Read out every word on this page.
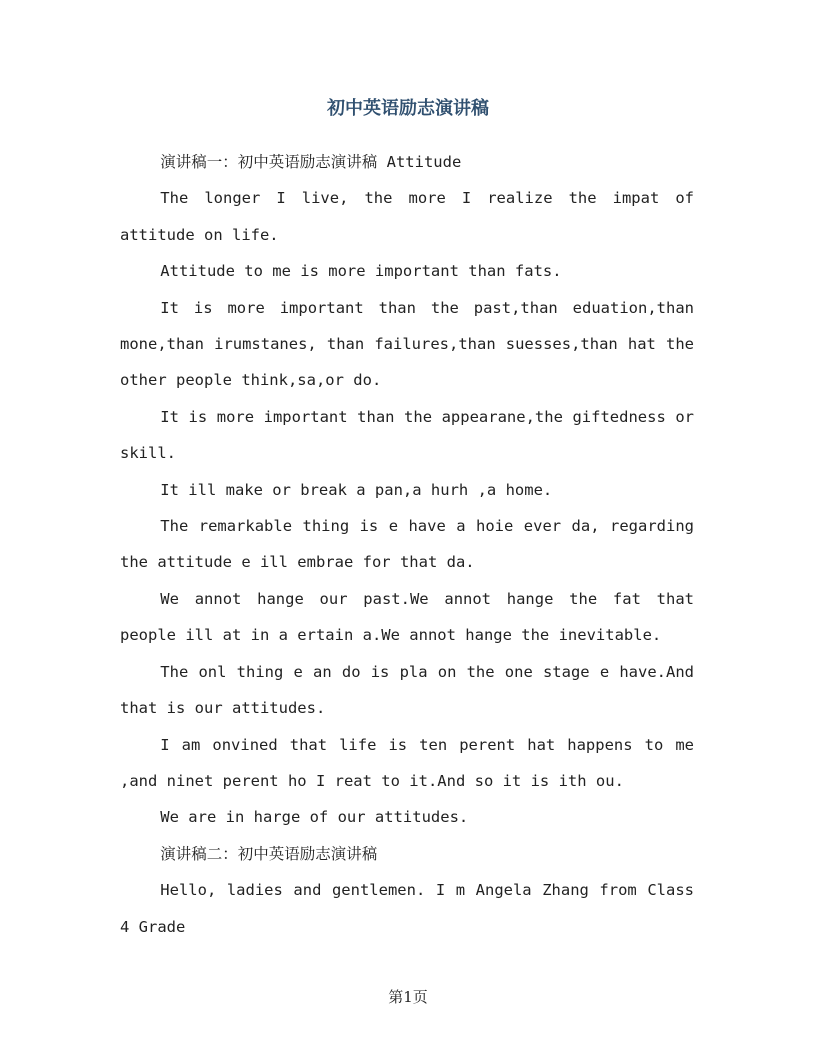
初中英语励志演讲稿

演讲稿一：初中英语励志演讲稿 Attitude

The longer I live, the more I realize the impat of attitude on life.

Attitude to me is more important than fats.

It is more important than the past,than eduation,than mone,than irumstanes, than failures,than suesses,than hat the other people think,sa,or do.

It is more important than the appearane,the giftedness or skill.

It ill make or break a pan,a hurh ,a home.

The remarkable thing is e have a hoie ever da, regarding the attitude e ill embrae for that da.

We annot hange our past.We annot hange the fat that people ill at in a ertain a.We annot hange the inevitable.

The onl thing e an do is pla on the one stage e have.And that is our attitudes.

I am onvined that life is ten perent hat happens to me ,and ninet perent ho I reat to it.And so it is ith ou.

We are in harge of our attitudes.

演讲稿二：初中英语励志演讲稿

Hello, ladies and gentlemen. I m Angela Zhang from Class 4 Grade

第1页
